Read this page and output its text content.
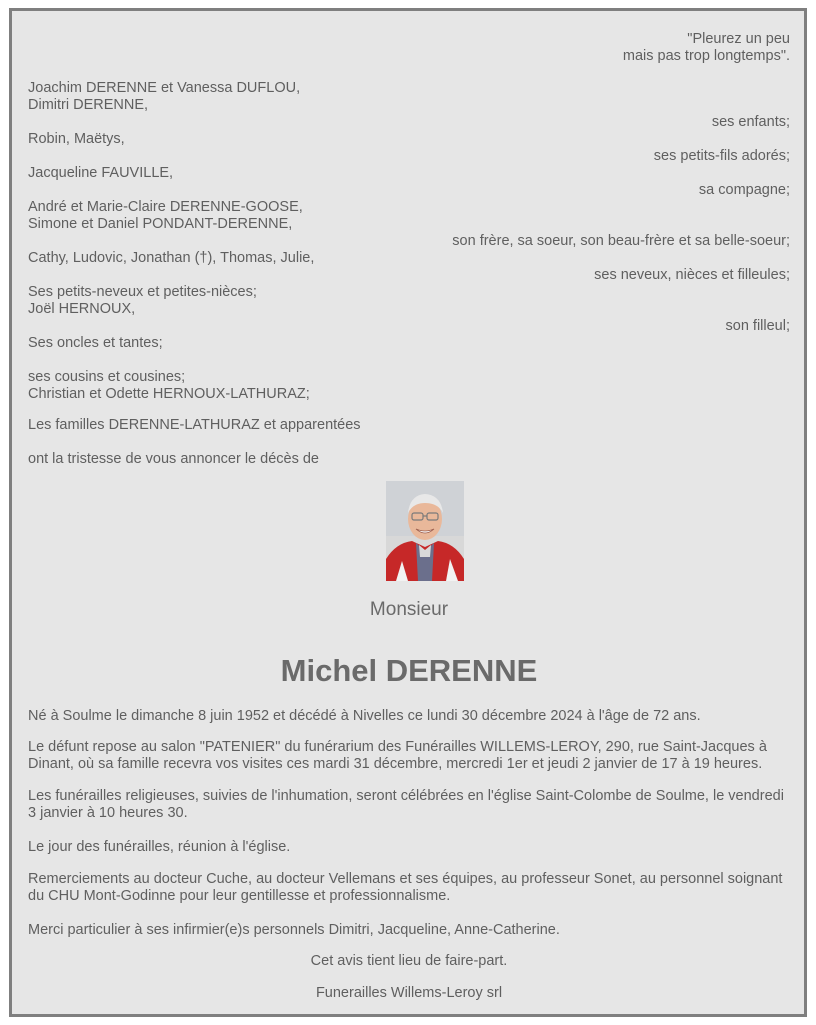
"Pleurez un peu
mais pas trop longtemps".
Joachim DERENNE et Vanessa DUFLOU,
Dimitri DERENNE,
ses enfants;
Robin, Maëtys,
ses petits-fils adorés;
Jacqueline FAUVILLE,
sa compagne;
André et Marie-Claire DERENNE-GOOSE,
Simone et Daniel PONDANT-DERENNE,
son frère, sa soeur, son beau-frère et sa belle-soeur;
Cathy, Ludovic, Jonathan (†), Thomas, Julie,
ses neveux, nièces et filleules;
Ses petits-neveux et petites-nièces;
Joël HERNOUX,
son filleul;
Ses oncles et tantes;
ses cousins et cousines;
Christian et Odette HERNOUX-LATHURAZ;
Les familles DERENNE-LATHURAZ et apparentées
ont la tristesse de vous annoncer le décès de
Monsieur
Michel DERENNE
Né à Soulme le dimanche 8 juin 1952 et décédé à Nivelles ce lundi 30 décembre 2024 à l'âge de 72 ans.
Le défunt repose au salon "PATENIER" du funérarium des Funérailles WILLEMS-LEROY, 290, rue Saint-Jacques à Dinant, où sa famille recevra vos visites ces mardi 31 décembre, mercredi 1er et jeudi 2 janvier de 17 à 19 heures.
Les funérailles religieuses, suivies de l'inhumation, seront célébrées en l'église Saint-Colombe de Soulme, le vendredi 3 janvier à 10 heures 30.
Le jour des funérailles, réunion à l'église.
Remerciements au docteur Cuche, au docteur Vellemans et ses équipes, au professeur Sonet, au personnel soignant du CHU Mont-Godinne pour leur gentillesse et professionnalisme.
Merci particulier à ses infirmier(e)s personnels Dimitri, Jacqueline, Anne-Catherine.
Cet avis tient lieu de faire-part.
Funerailles Willems-Leroy srl
